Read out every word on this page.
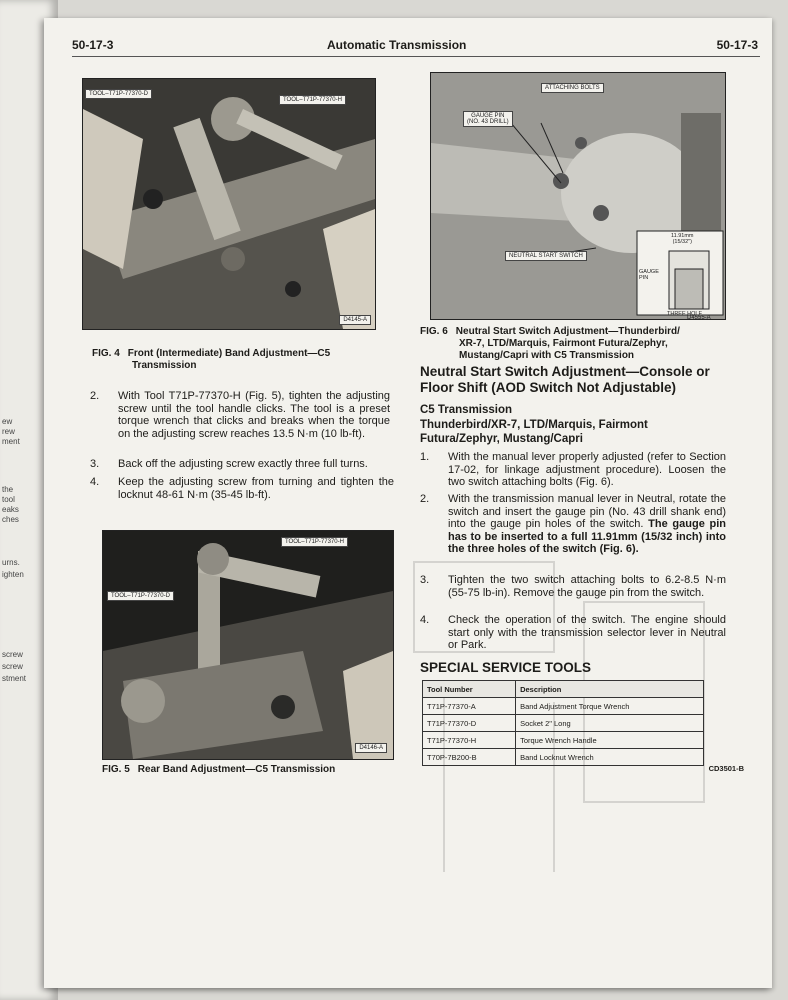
ew
rew
ment
the
tool
eaks
ches
urns.
ighten
screw
screw
stment
50-17-3	Automatic Transmission	50-17-3
TOOL–T71P-77370-D
TOOL–T71P-77370-H
D4145-A
FIG. 4 Front (Intermediate) Band Adjustment—C5
Transmission
2. With Tool T71P-77370-H (Fig. 5), tighten the adjusting screw until the tool handle clicks. The tool is a preset torque wrench that clicks and breaks when the torque on the adjusting screw reaches 13.5 N·m (10 lb-ft).
3. Back off the adjusting screw exactly three full turns.
4. Keep the adjusting screw from turning and tighten the locknut 48-61 N·m (35-45 lb-ft).
TOOL–T71P-77370-H
TOOL–T71P-77370-D
D4146-A
FIG. 5 Rear Band Adjustment—C5 Transmission
ATTACHING BOLTS
GAUGE PIN
(NO. 43 DRILL)
NEUTRAL START SWITCH
11.91mm
(15/32")
GAUGE
PIN
THREE HOLE
D4555-A
FIG. 6 Neutral Start Switch Adjustment—Thunderbird/
XR-7, LTD/Marquis, Fairmont Futura/Zephyr,
Mustang/Capri with C5 Transmission
Neutral Start Switch Adjustment—Console or
Floor Shift (AOD Switch Not Adjustable)
C5 Transmission
Thunderbird/XR-7, LTD/Marquis, Fairmont
Futura/Zephyr, Mustang/Capri
1. With the manual lever properly adjusted (refer to Section 17-02, for linkage adjustment procedure). Loosen the two switch attaching bolts (Fig. 6).
2. With the transmission manual lever in Neutral, rotate the switch and insert the gauge pin (No. 43 drill shank end) into the gauge pin holes of the switch. The gauge pin has to be inserted to a full 11.91mm (15/32 inch) into the three holes of the switch (Fig. 6).
3. Tighten the two switch attaching bolts to 6.2-8.5 N·m (55-75 lb-in). Remove the gauge pin from the switch.
4. Check the operation of the switch. The engine should start only with the transmission selector lever in Neutral or Park.
SPECIAL SERVICE TOOLS
Tool Number	Description
T71P-77370-A	Band Adjustment Torque Wrench
T71P-77370-D	Socket 2" Long
T71P-77370-H	Torque Wrench Handle
T70P-7B200-B	Band Locknut Wrench
CD3501-B
